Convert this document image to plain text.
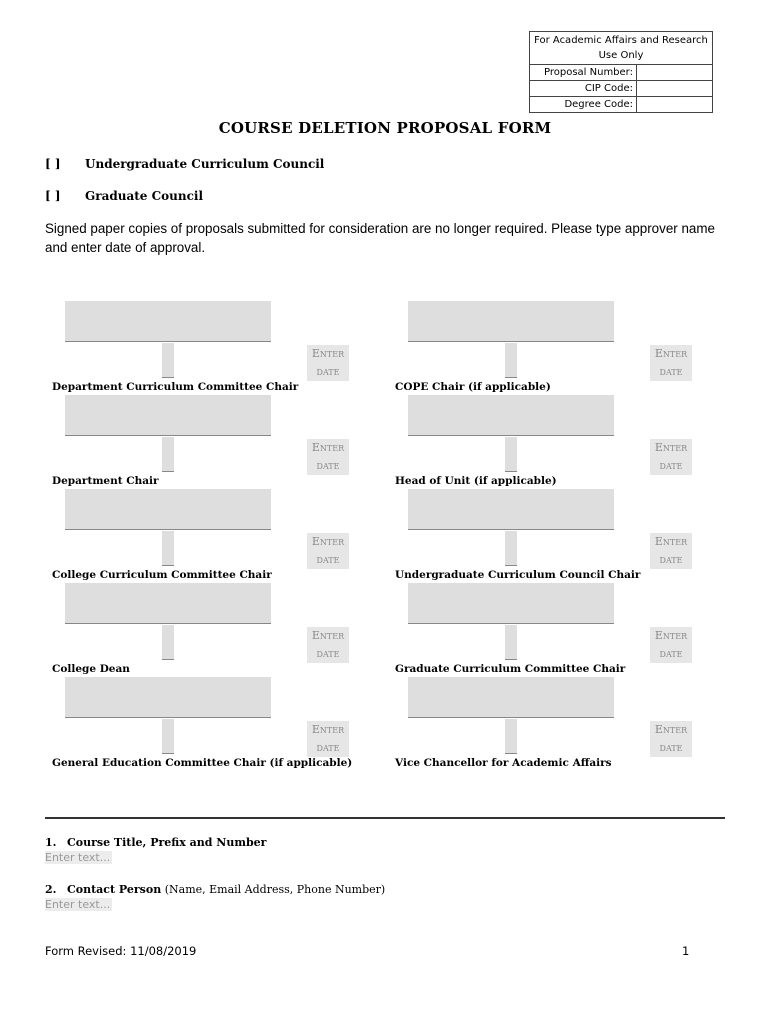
For Academic Affairs and Research Use Only	
Proposal Number:	
CIP Code:	
Degree Code:	
COURSE DELETION PROPOSAL FORM
[ ] Undergraduate Curriculum Council
[ ] Graduate Council
Signed paper copies of proposals submitted for consideration are no longer required. Please type approver name and enter date of approval.
Enter date
Department Curriculum Committee Chair
Enter date
COPE Chair (if applicable)
Enter date
Department Chair
Enter date
Head of Unit (if applicable)
Enter date
College Curriculum Committee Chair
Enter date
Undergraduate Curriculum Council Chair
Enter date
College Dean
Enter date
Graduate Curriculum Committee Chair
Enter date
General Education Committee Chair (if applicable)
Enter date
Vice Chancellor for Academic Affairs
1. Course Title, Prefix and Number
Enter text...
2. Contact Person (Name, Email Address, Phone Number)
Enter text...
Form Revised: 11/08/2019	1
